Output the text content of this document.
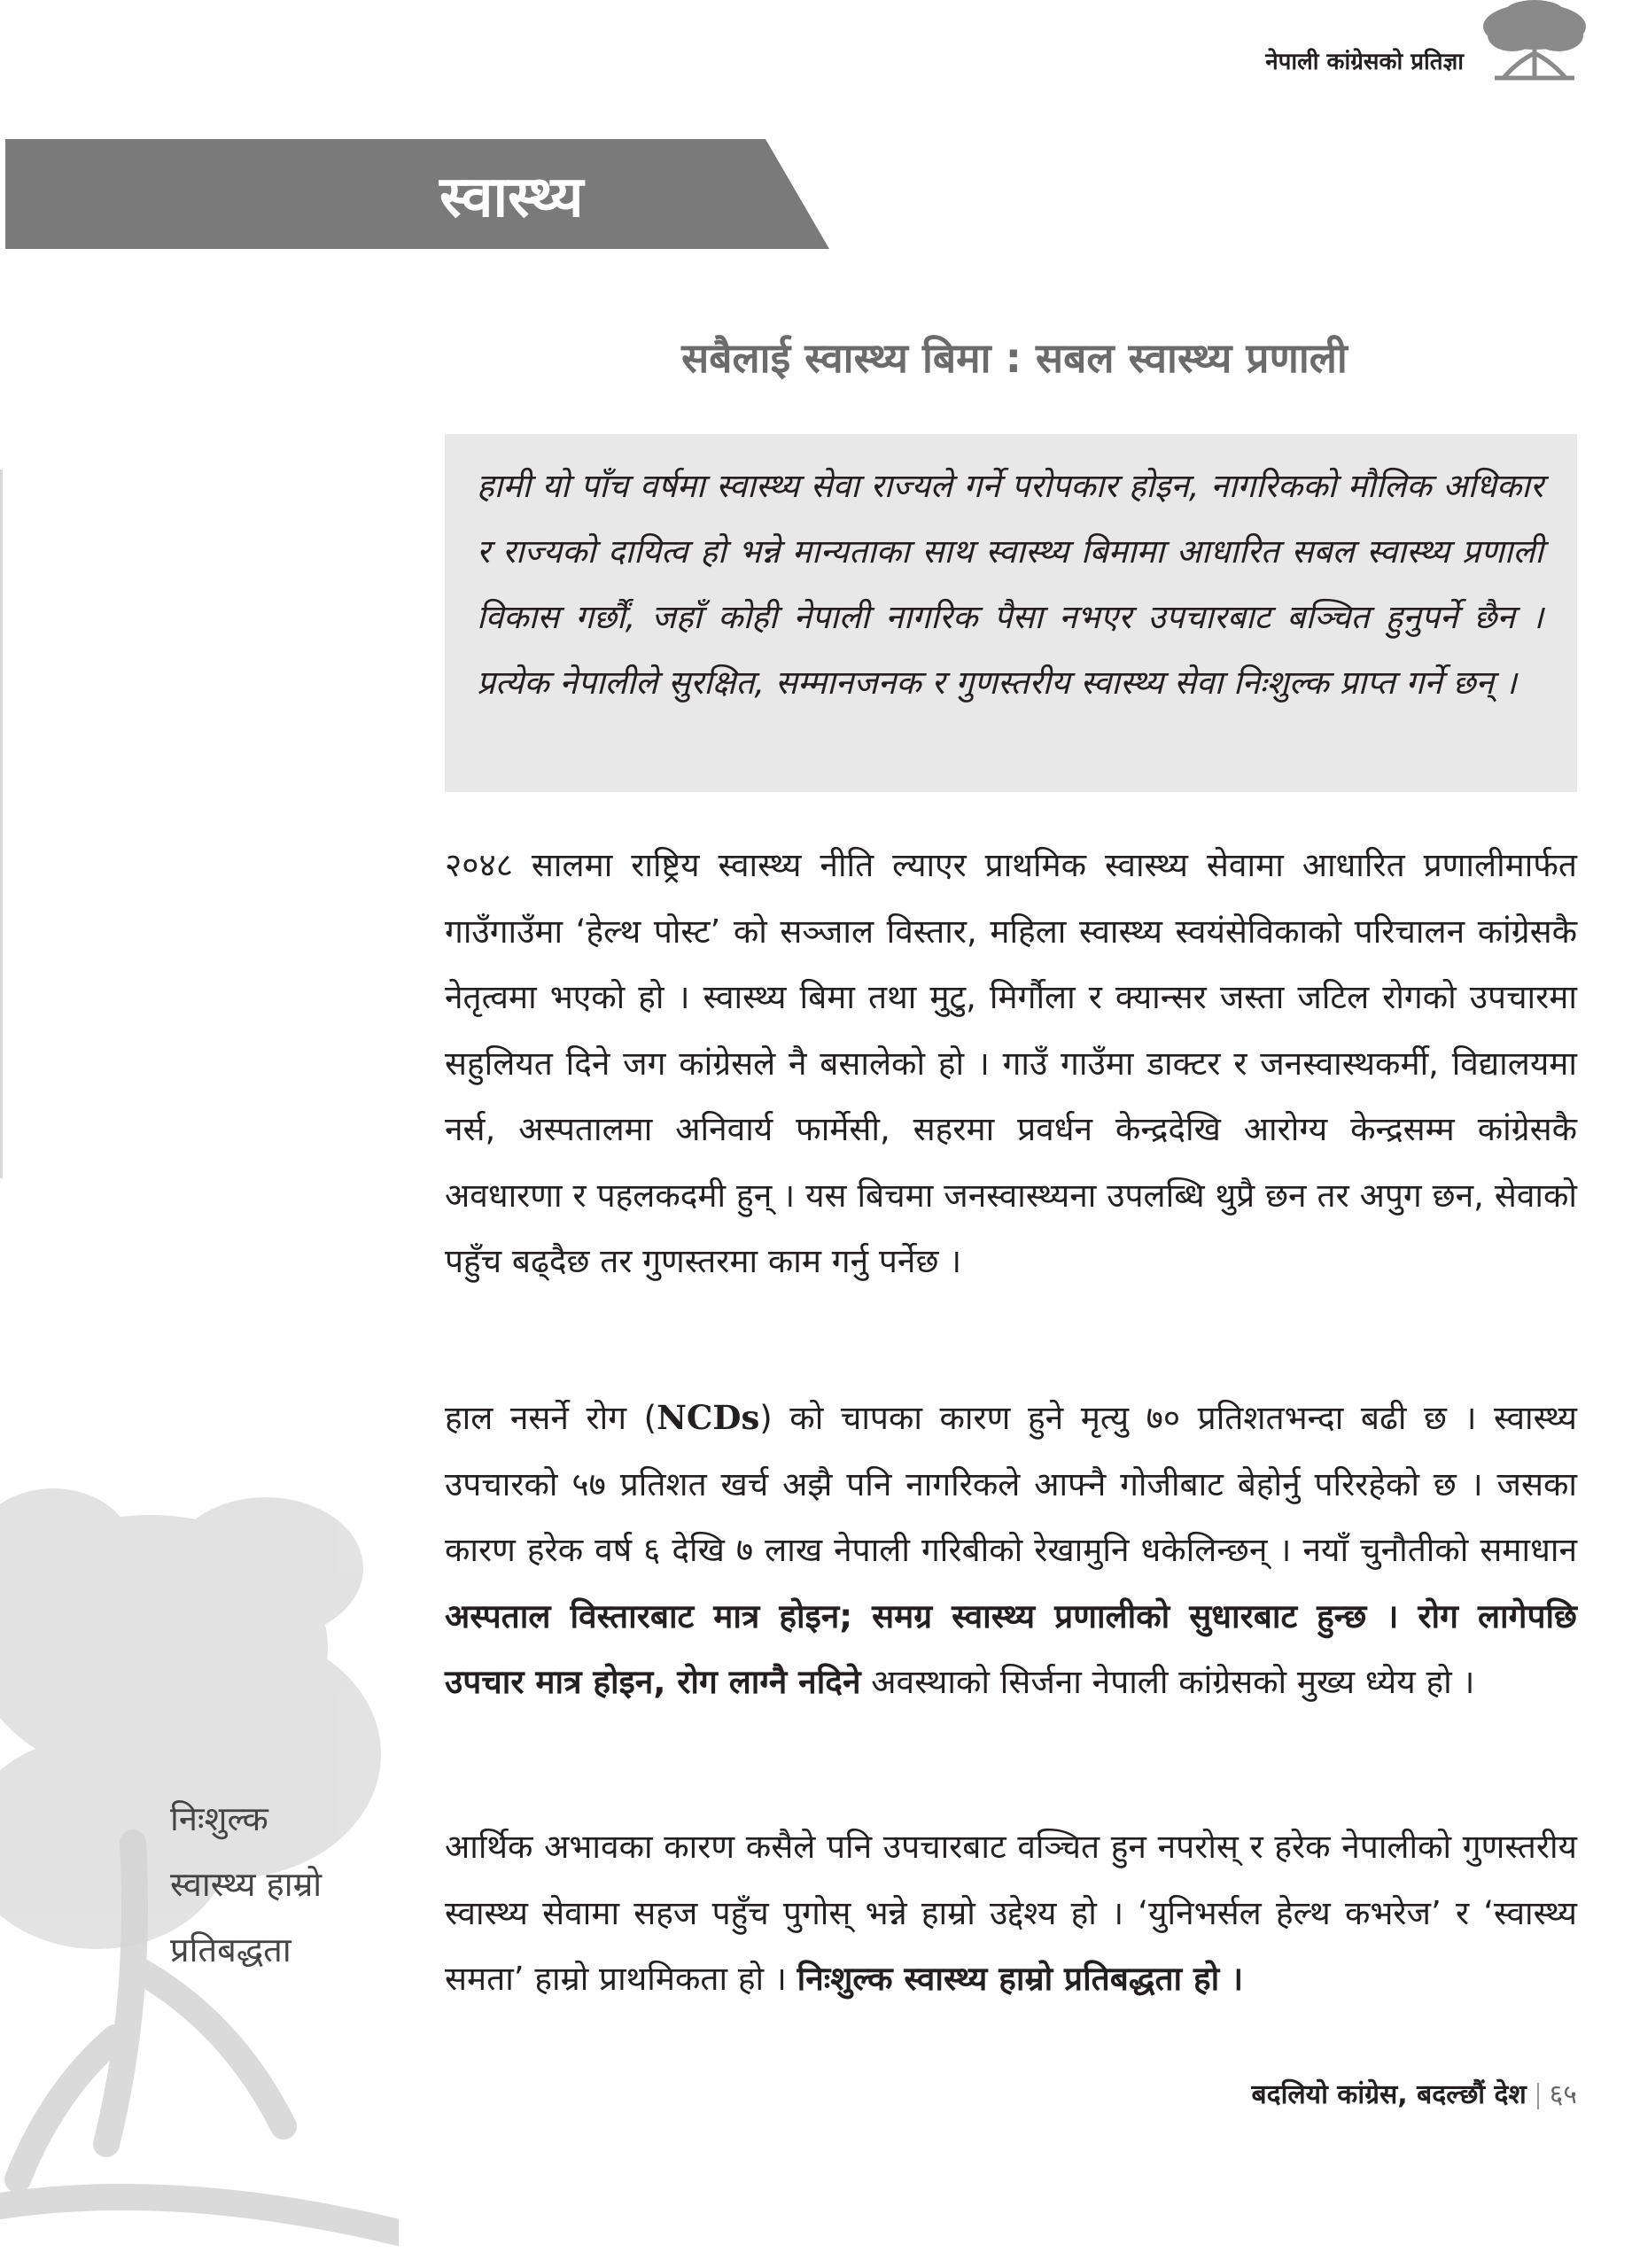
नेपाली कांग्रेसको प्रतिज्ञा
स्वास्थ्य
सबैलाई स्वास्थ्य बिमा : सबल स्वास्थ्य प्रणाली

हामी यो पाँच वर्षमा स्वास्थ्य सेवा राज्यले गर्ने परोपकार होइन, नागरिकको मौलिक अधिकार र राज्यको दायित्व हो भन्ने मान्यताका साथ स्वास्थ्य बिमामा आधारित सबल स्वास्थ्य प्रणाली विकास गर्छौं, जहाँ कोही नेपाली नागरिक पैसा नभएर उपचारबाट बञ्चित हुनुपर्ने छैन । प्रत्येक नेपालीले सुरक्षित, सम्मानजनक र गुणस्तरीय स्वास्थ्य सेवा निःशुल्क प्राप्त गर्ने छन् ।

२०४८ सालमा राष्ट्रिय स्वास्थ्य नीति ल्याएर प्राथमिक स्वास्थ्य सेवामा आधारित प्रणालीमार्फत गाउँगाउँमा ‘हेल्थ पोस्ट’ को सञ्जाल विस्तार, महिला स्वास्थ्य स्वयंसेविकाको परिचालन कांग्रेसकै नेतृत्वमा भएको हो । स्वास्थ्य बिमा तथा मुटु, मिर्गौला र क्यान्सर जस्ता जटिल रोगको उपचारमा सहुलियत दिने जग कांग्रेसले नै बसालेको हो । गाउँ गाउँमा डाक्टर र जनस्वास्थकर्मी, विद्यालयमा नर्स, अस्पतालमा अनिवार्य फार्मेसी, सहरमा प्रवर्धन केन्द्रदेखि आरोग्य केन्द्रसम्म कांग्रेसकै अवधारणा र पहलकदमी हुन् । यस बिचमा जनस्वास्थ्यना उपलब्धि थुप्रै छन तर अपुग छन, सेवाको पहुँच बढ्दैछ तर गुणस्तरमा काम गर्नु पर्नेछ ।

हाल नसर्ने रोग (NCDs) को चापका कारण हुने मृत्यु ७० प्रतिशतभन्दा बढी छ । स्वास्थ्य उपचारको ५७ प्रतिशत खर्च अझै पनि नागरिकले आफ्नै गोजीबाट बेहोर्नु परिरहेको छ । जसका कारण हरेक वर्ष ६ देखि ७ लाख नेपाली गरिबीको रेखामुनि धकेलिन्छन् । नयाँ चुनौतीको समाधान अस्पताल विस्तारबाट मात्र होइन; समग्र स्वास्थ्य प्रणालीको सुधारबाट हुन्छ । रोग लागेपछि उपचार मात्र होइन, रोग लाग्नै नदिने अवस्थाको सिर्जना नेपाली कांग्रेसको मुख्य ध्येय हो ।

निःशुल्क
स्वास्थ्य हाम्रो
प्रतिबद्धता

आर्थिक अभावका कारण कसैले पनि उपचारबाट वञ्चित हुन नपरोस् र हरेक नेपालीको गुणस्तरीय स्वास्थ्य सेवामा सहज पहुँच पुगोस् भन्ने हाम्रो उद्देश्य हो । ‘युनिभर्सल हेल्थ कभरेज’ र ‘स्वास्थ्य समता’ हाम्रो प्राथमिकता हो । निःशुल्क स्वास्थ्य हाम्रो प्रतिबद्धता हो ।

बदलियो कांग्रेस, बदल्छौं देश ६५
